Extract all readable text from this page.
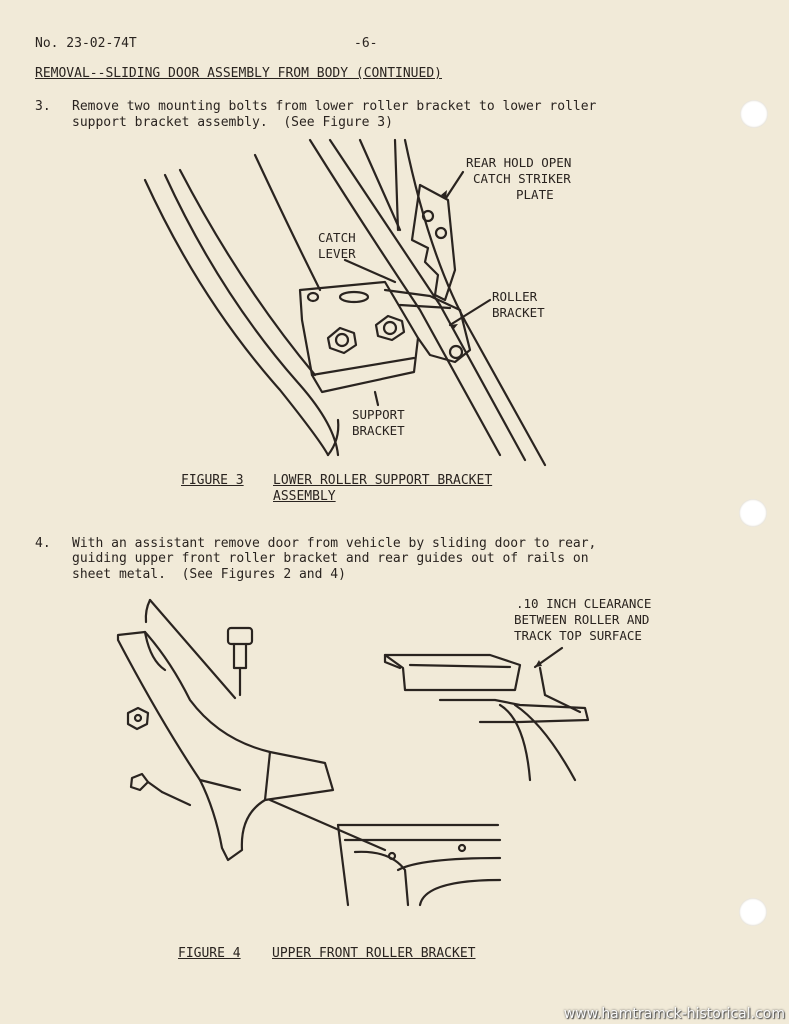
No. 23-02-74T	-6-
REMOVAL--SLIDING DOOR ASSEMBLY FROM BODY (CONTINUED)
3. Remove two mounting bolts from lower roller bracket to lower roller
support bracket assembly.  (See Figure 3)
REAR HOLD OPEN
CATCH STRIKER
PLATE
CATCH
LEVER
ROLLER
BRACKET
SUPPORT
BRACKET
FIGURE 3 LOWER ROLLER SUPPORT BRACKET
ASSEMBLY
4. With an assistant remove door from vehicle by sliding door to rear,
guiding upper front roller bracket and rear guides out of rails on
sheet metal.  (See Figures 2 and 4)
.10 INCH CLEARANCE
BETWEEN ROLLER AND
TRACK TOP SURFACE
FIGURE 4 UPPER FRONT ROLLER BRACKET
www.hamtramck-historical.com
